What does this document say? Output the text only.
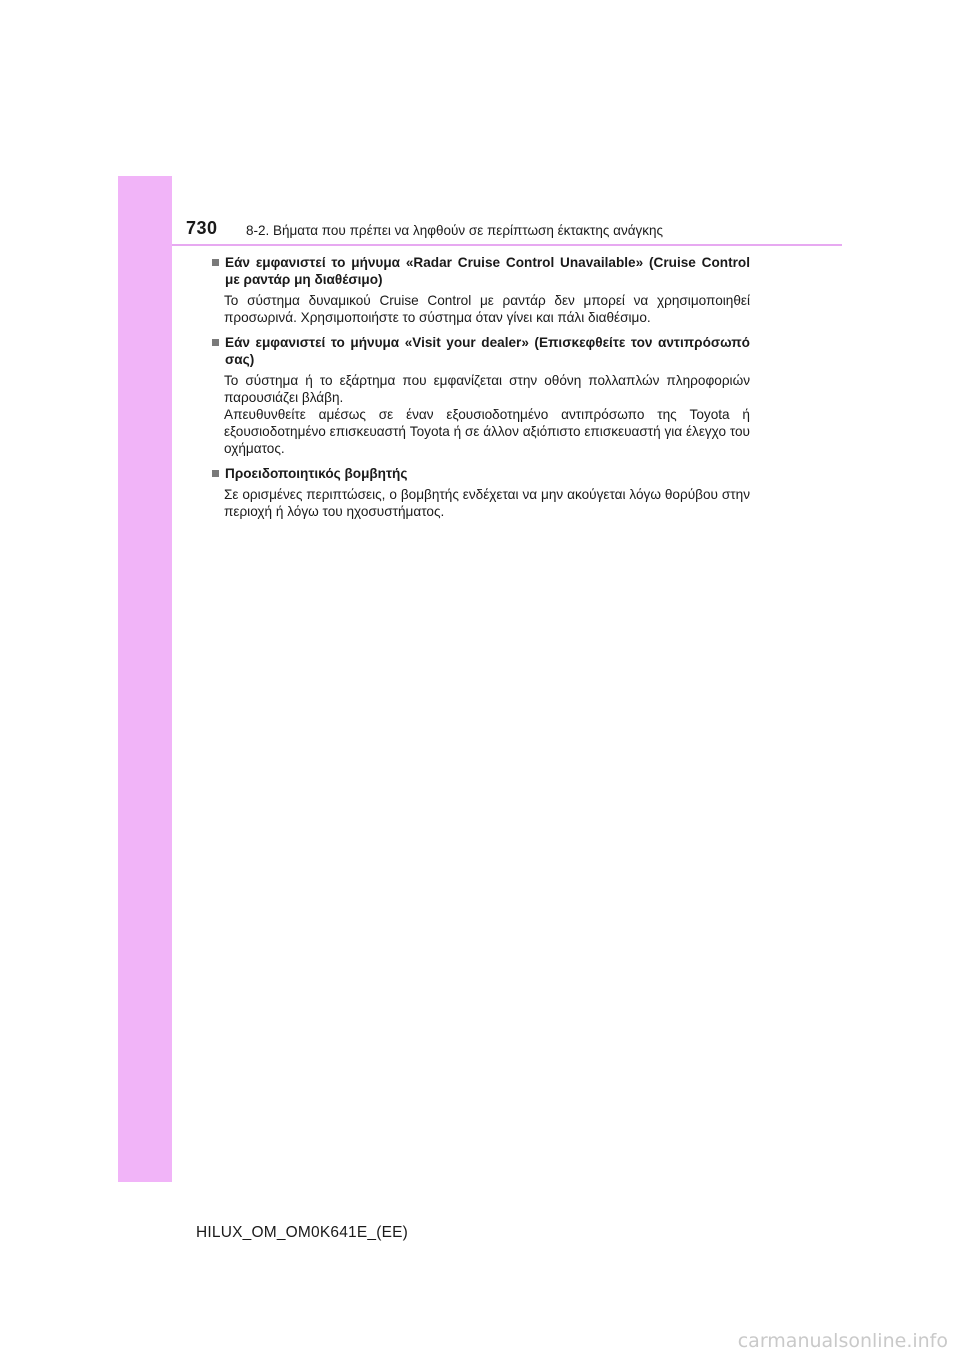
730 8-2. Βήματα που πρέπει να ληφθούν σε περίπτωση έκτακτης ανάγκης
Εάν εμφανιστεί το μήνυμα «Radar Cruise Control Unavailable» (Cruise Control με ραντάρ μη διαθέσιμο)

Το σύστημα δυναμικού Cruise Control με ραντάρ δεν μπορεί να χρησιμοποιηθεί προσωρινά. Χρησιμοποιήστε το σύστημα όταν γίνει και πάλι διαθέσιμο.

Εάν εμφανιστεί το μήνυμα «Visit your dealer» (Επισκεφθείτε τον αντιπρόσωπό σας)

Το σύστημα ή το εξάρτημα που εμφανίζεται στην οθόνη πολλαπλών πληροφοριών παρουσιάζει βλάβη.

Απευθυνθείτε αμέσως σε έναν εξουσιοδοτημένο αντιπρόσωπο της Toyota ή εξουσιοδοτημένο επισκευαστή Toyota ή σε άλλον αξιόπιστο επισκευαστή για έλεγχο του οχήματος.

Προειδοποιητικός βομβητής

Σε ορισμένες περιπτώσεις, ο βομβητής ενδέχεται να μην ακούγεται λόγω θορύβου στην περιοχή ή λόγω του ηχοσυστήματος.

HILUX_OM_OM0K641E_(EE)
carmanualsonline.info
